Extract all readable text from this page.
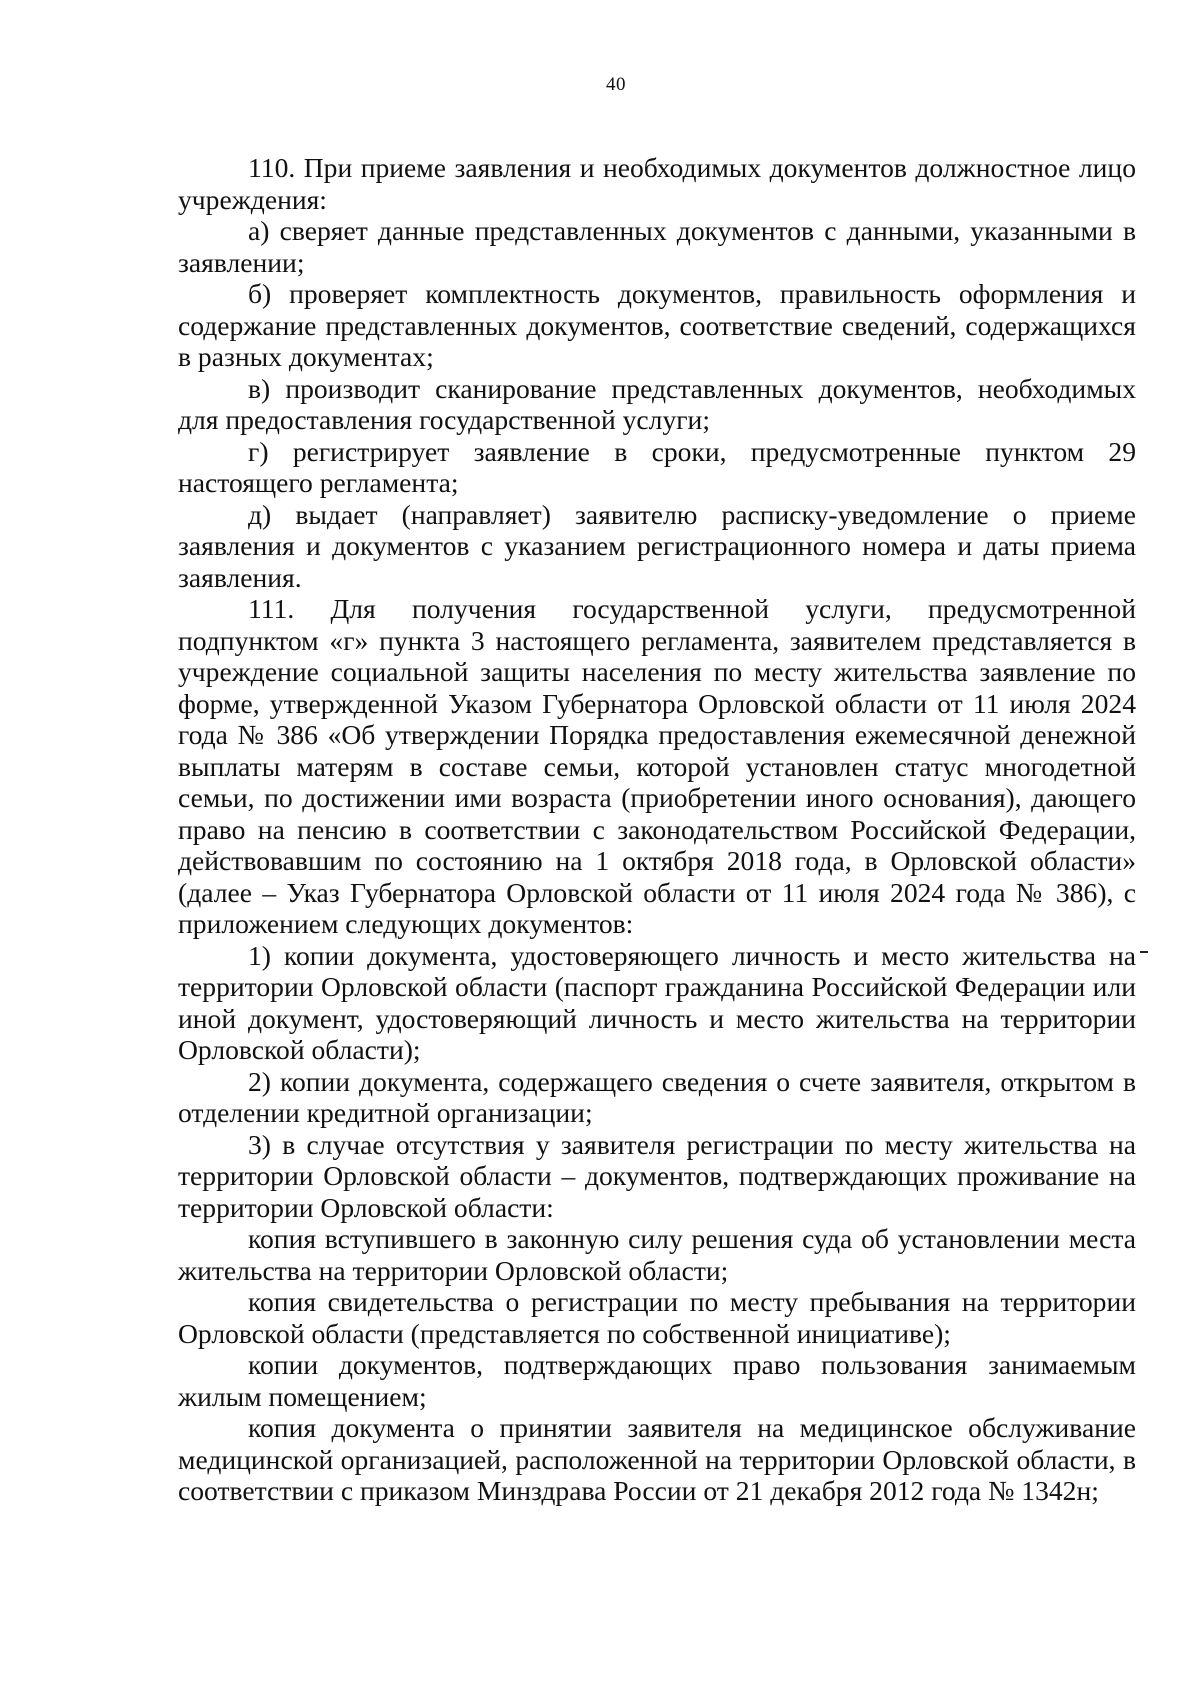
40

110. При приеме заявления и необходимых документов должностное лицо учреждения:

а) сверяет данные представленных документов с данными, указанными в заявлении;

б) проверяет комплектность документов, правильность оформления и содержание представленных документов, соответствие сведений, содержащихся в разных документах;

в) производит сканирование представленных документов, необходимых для предоставления государственной услуги;

г) регистрирует заявление в сроки, предусмотренные пунктом 29 настоящего регламента;

д) выдает (направляет) заявителю расписку-уведомление о приеме заявления и документов с указанием регистрационного номера и даты приема заявления.

111. Для получения государственной услуги, предусмотренной подпунктом «г» пункта 3 настоящего регламента, заявителем представляется в учреждение социальной защиты населения по месту жительства заявление по форме, утвержденной Указом Губернатора Орловской области от 11 июля 2024 года № 386 «Об утверждении Порядка предоставления ежемесячной денежной выплаты матерям в составе семьи, которой установлен статус многодетной семьи, по достижении ими возраста (приобретении иного основания), дающего право на пенсию в соответствии с законодательством Российской Федерации, действовавшим по состоянию на 1 октября 2018 года, в Орловской области» (далее – Указ Губернатора Орловской области от 11 июля 2024 года № 386), с приложением следующих документов:

1) копии документа, удостоверяющего личность и место жительства на территории Орловской области (паспорт гражданина Российской Федерации или иной документ, удостоверяющий личность и место жительства на территории Орловской области);

2) копии документа, содержащего сведения о счете заявителя, открытом в отделении кредитной организации;

3) в случае отсутствия у заявителя регистрации по месту жительства на территории Орловской области – документов, подтверждающих проживание на территории Орловской области:

копия вступившего в законную силу решения суда об установлении места жительства на территории Орловской области;

копия свидетельства о регистрации по месту пребывания на территории Орловской области (представляется по собственной инициативе);

копии документов, подтверждающих право пользования занимаемым жилым помещением;

копия документа о принятии заявителя на медицинское обслуживание медицинской организацией, расположенной на территории Орловской области, в соответствии с приказом Минздрава России от 21 декабря 2012 года № 1342н;
